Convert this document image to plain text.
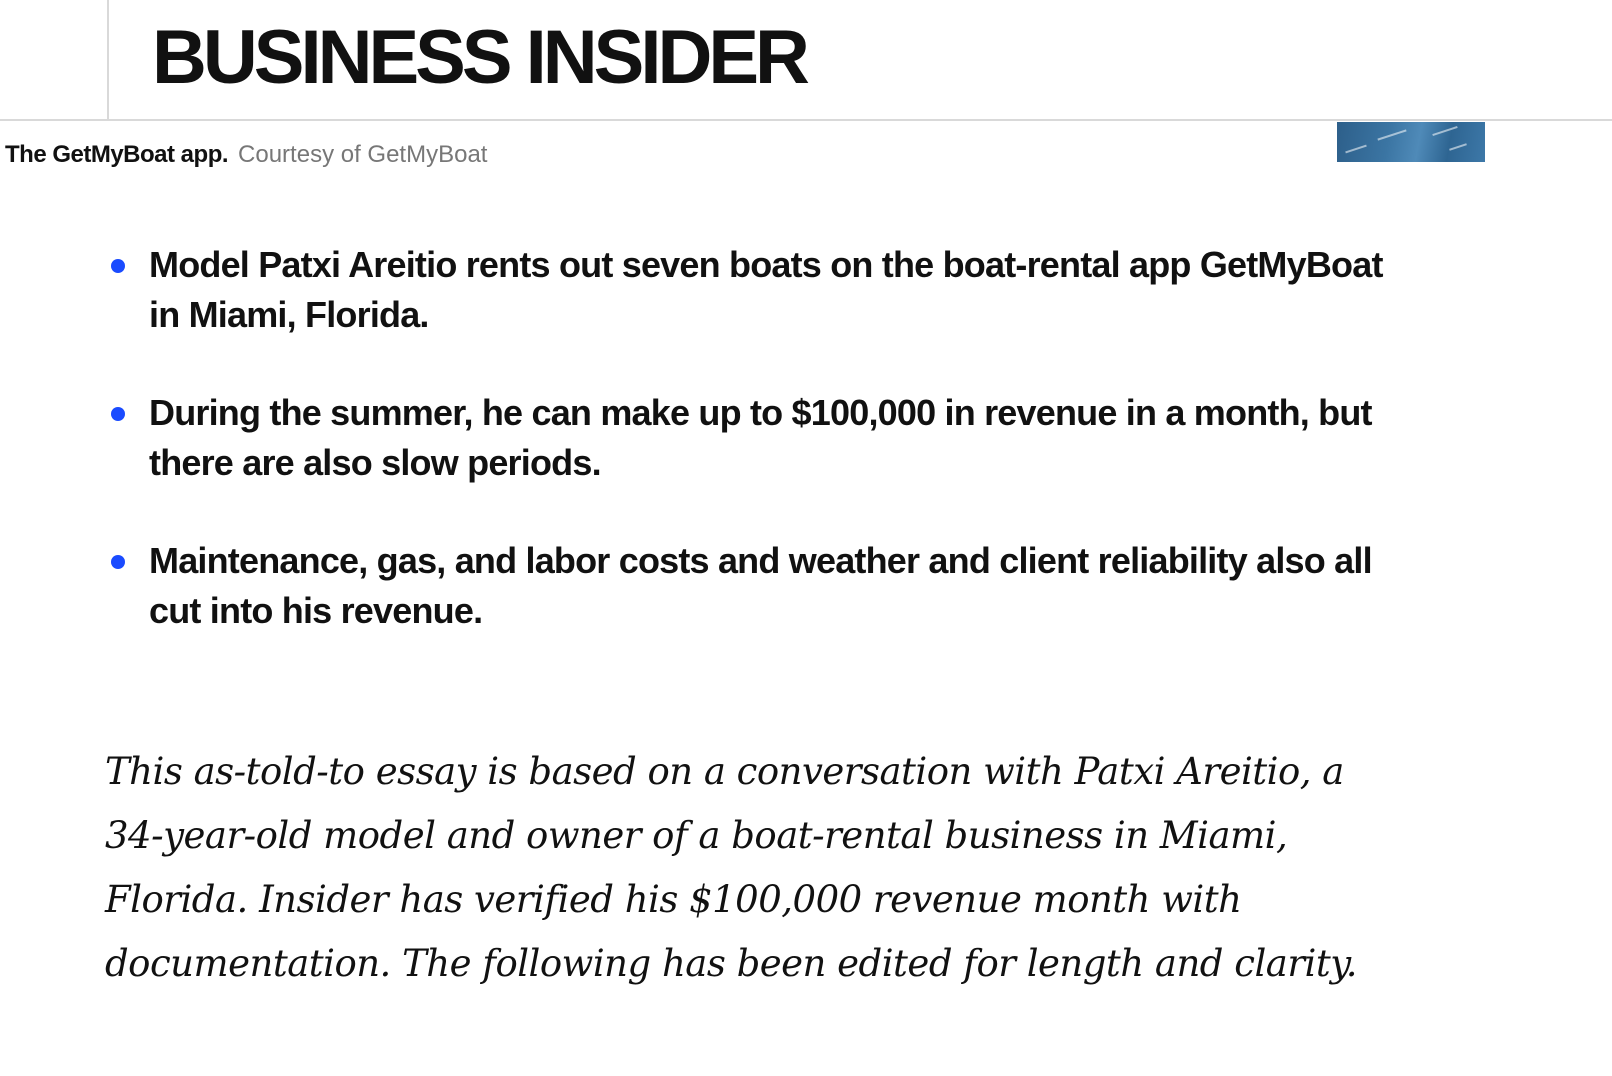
BUSINESS INSIDER
The GetMyBoat app. Courtesy of GetMyBoat
Model Patxi Areitio rents out seven boats on the boat-rental app GetMyBoat in Miami, Florida.
During the summer, he can make up to $100,000 in revenue in a month, but there are also slow periods.
Maintenance, gas, and labor costs and weather and client reliability also all cut into his revenue.

This as-told-to essay is based on a conversation with Patxi Areitio, a 34-year-old model and owner of a boat-rental business in Miami, Florida. Insider has verified his $100,000 revenue month with documentation. The following has been edited for length and clarity.
